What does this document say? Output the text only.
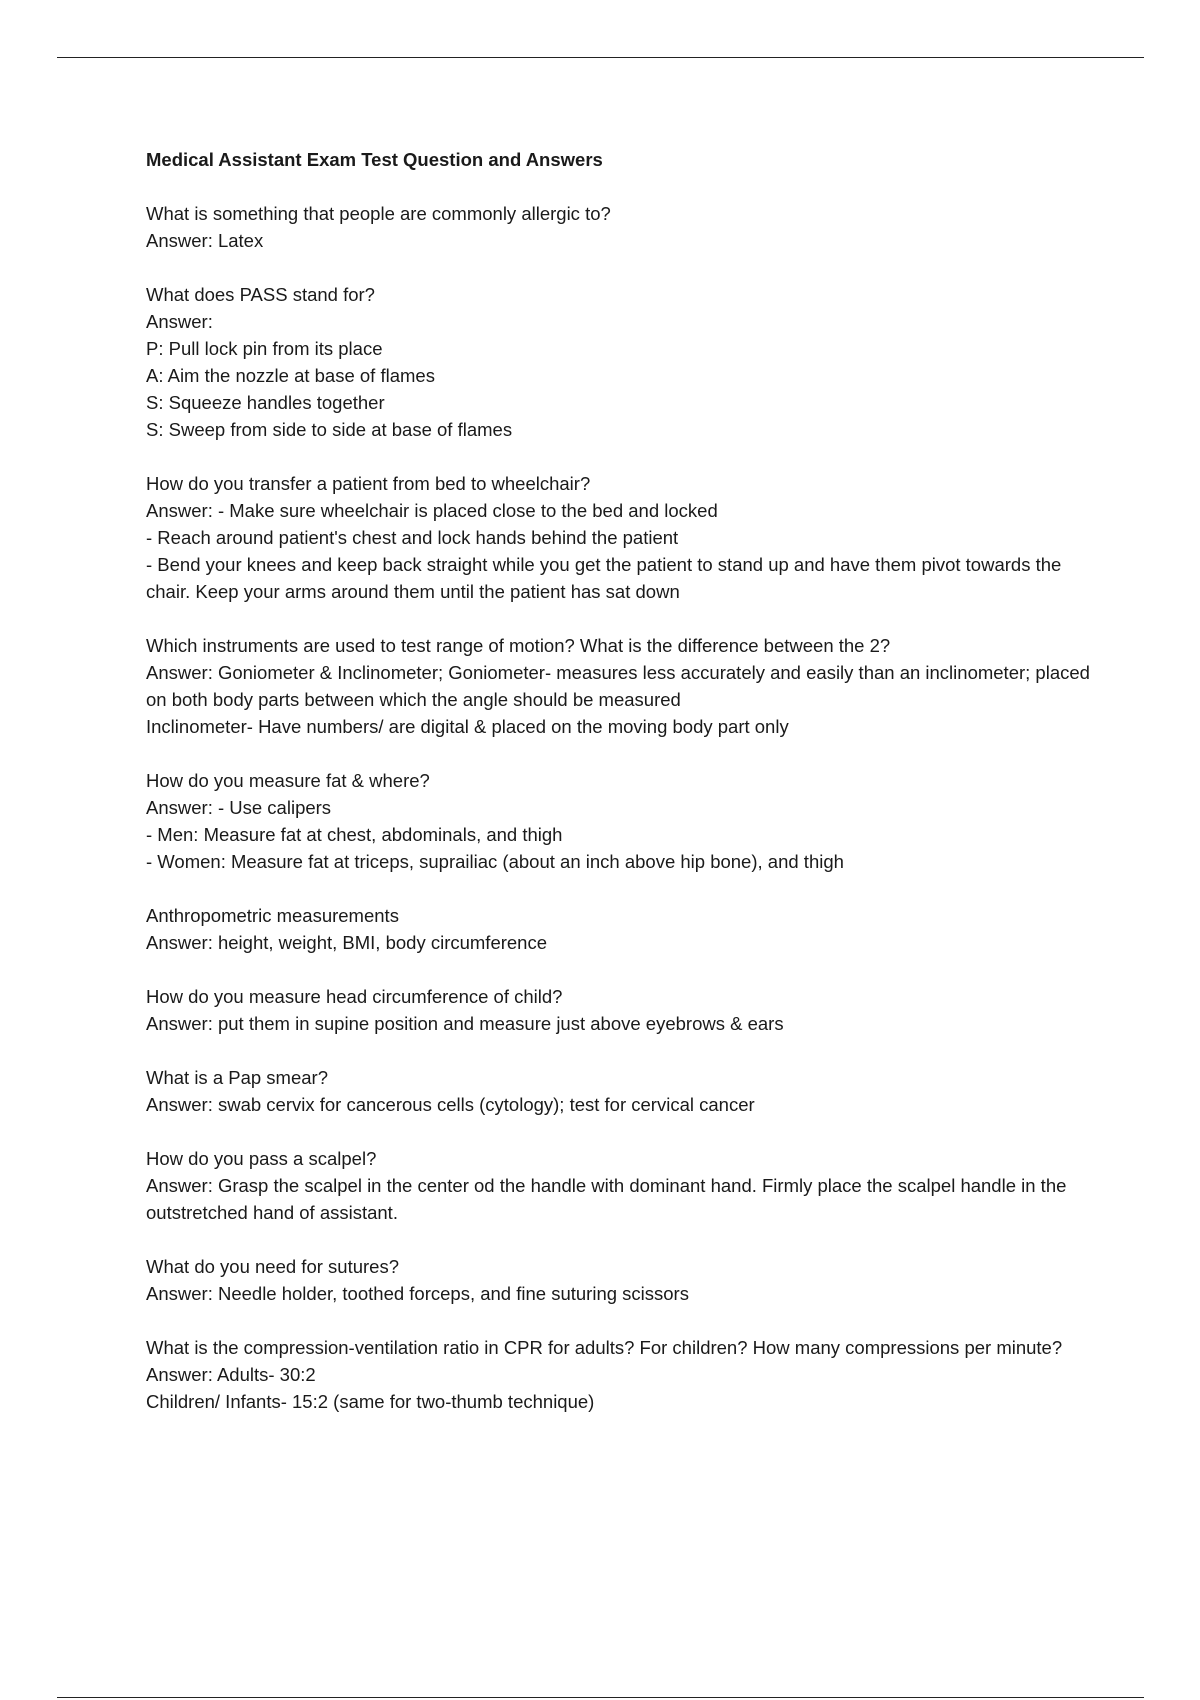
Medical Assistant Exam Test Question and Answers
What is something that people are commonly allergic to?
Answer: Latex
What does PASS stand for?
Answer:
P: Pull lock pin from its place
A: Aim the nozzle at base of flames
S: Squeeze handles together
S: Sweep from side to side at base of flames
How do you transfer a patient from bed to wheelchair?
Answer: - Make sure wheelchair is placed close to the bed and locked
- Reach around patient's chest and lock hands behind the patient
- Bend your knees and keep back straight while you get the patient to stand up and have them pivot towards the chair. Keep your arms around them until the patient has sat down
Which instruments are used to test range of motion? What is the difference between the 2?
Answer: Goniometer & Inclinometer; Goniometer- measures less accurately and easily than an inclinometer; placed on both body parts between which the angle should be measured
Inclinometer- Have numbers/ are digital & placed on the moving body part only
How do you measure fat & where?
Answer: - Use calipers
- Men: Measure fat at chest, abdominals, and thigh
- Women: Measure fat at triceps, suprailiac (about an inch above hip bone), and thigh
Anthropometric measurements
Answer: height, weight, BMI, body circumference
How do you measure head circumference of child?
Answer: put them in supine position and measure just above eyebrows & ears
What is a Pap smear?
Answer: swab cervix for cancerous cells (cytology); test for cervical cancer
How do you pass a scalpel?
Answer: Grasp the scalpel in the center od the handle with dominant hand. Firmly place the scalpel handle in the outstretched hand of assistant.
What do you need for sutures?
Answer: Needle holder, toothed forceps, and fine suturing scissors
What is the compression-ventilation ratio in CPR for adults? For children? How many compressions per minute?
Answer: Adults- 30:2
Children/ Infants- 15:2 (same for two-thumb technique)
